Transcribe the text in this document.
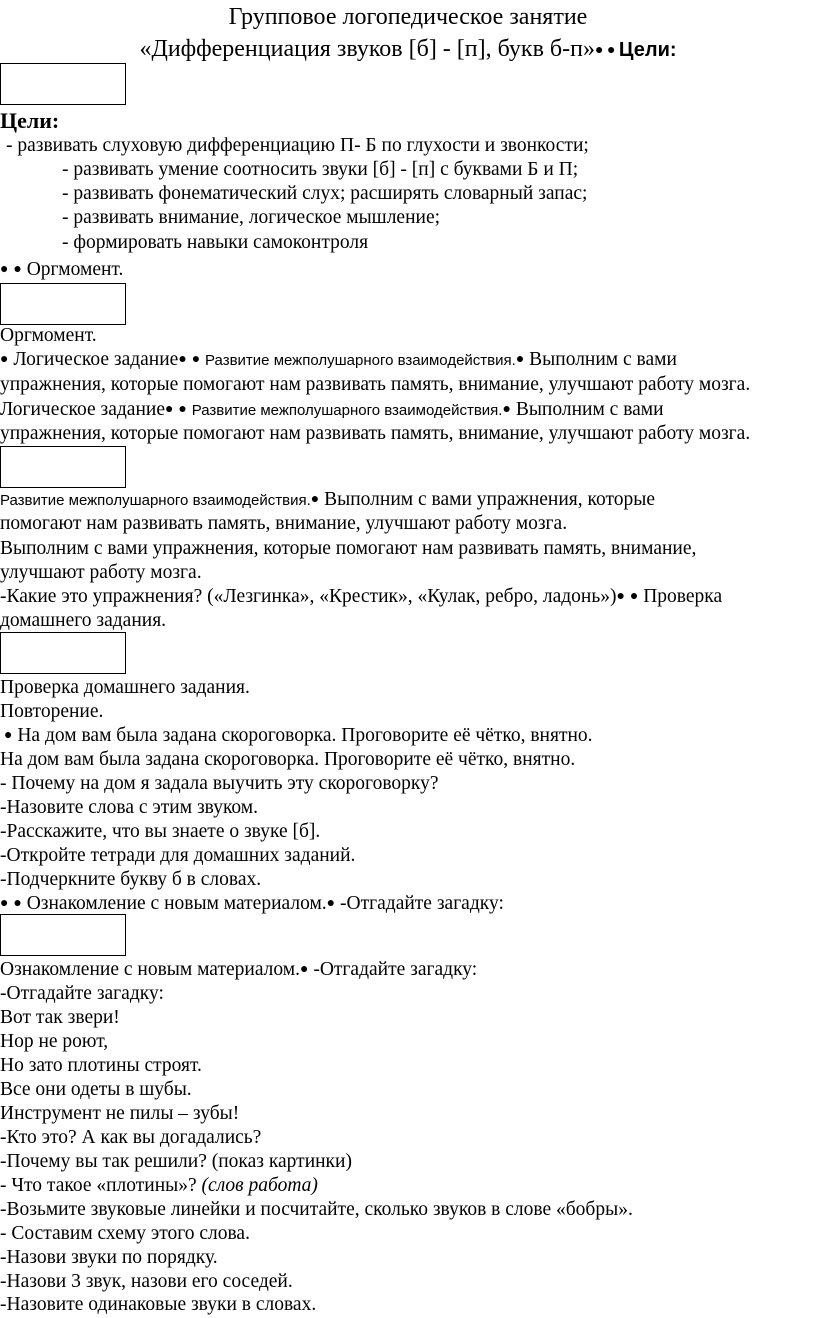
Групповое логопедическое занятие
«Дифференциация звуков [б] - [п], букв б-п»● ● Цели:
Цели:
- развивать слуховую дифференциацию П- Б по глухости и звонкости;
- развивать умение соотносить звуки [б] - [п] с буквами Б и П;
- развивать фонематический слух; расширять словарный запас;
- развивать внимание, логическое мышление;
- формировать навыки самоконтроля
● ● Оргмомент.
Оргмомент.
● Логическое задание● ● Развитие межполушарного взаимодействия.● Выполним с вами
упражнения, которые помогают нам развивать память, внимание, улучшают работу мозга.
Логическое задание● ● Развитие межполушарного взаимодействия.● Выполним с вами
упражнения, которые помогают нам развивать память, внимание, улучшают работу мозга.
Развитие межполушарного взаимодействия.● Выполним с вами упражнения, которые
помогают нам развивать память, внимание, улучшают работу мозга.
Выполним с вами упражнения, которые помогают нам развивать память, внимание,
улучшают работу мозга.
-Какие это упражнения? («Лезгинка», «Крестик», «Кулак, ребро, ладонь»)● ● Проверка
домашнего задания.
Проверка домашнего задания.
Повторение.
● На дом вам была задана скороговорка. Проговорите её чётко, внятно.
На дом вам была задана скороговорка. Проговорите её чётко, внятно.
- Почему на дом я задала выучить эту скороговорку?
-Назовите слова с этим звуком.
-Расскажите, что вы знаете о звуке [б].
-Откройте тетради для домашних заданий.
-Подчеркните букву б в словах.
● ● Ознакомление с новым материалом.● -Отгадайте загадку:
Ознакомление с новым материалом.● -Отгадайте загадку:
-Отгадайте загадку:
Вот так звери!
Нор не роют,
Но зато плотины строят.
Все они одеты в шубы.
Инструмент не пилы – зубы!
-Кто это? А как вы догадались?
-Почему вы так решили? (показ картинки)
- Что такое «плотины»? (слов работа)
-Возьмите звуковые линейки и посчитайте, сколько звуков в слове «бобры».
- Составим схему этого слова.
-Назови звуки по порядку.
-Назови 3 звук, назови его соседей.
-Назовите одинаковые звуки в словах.
